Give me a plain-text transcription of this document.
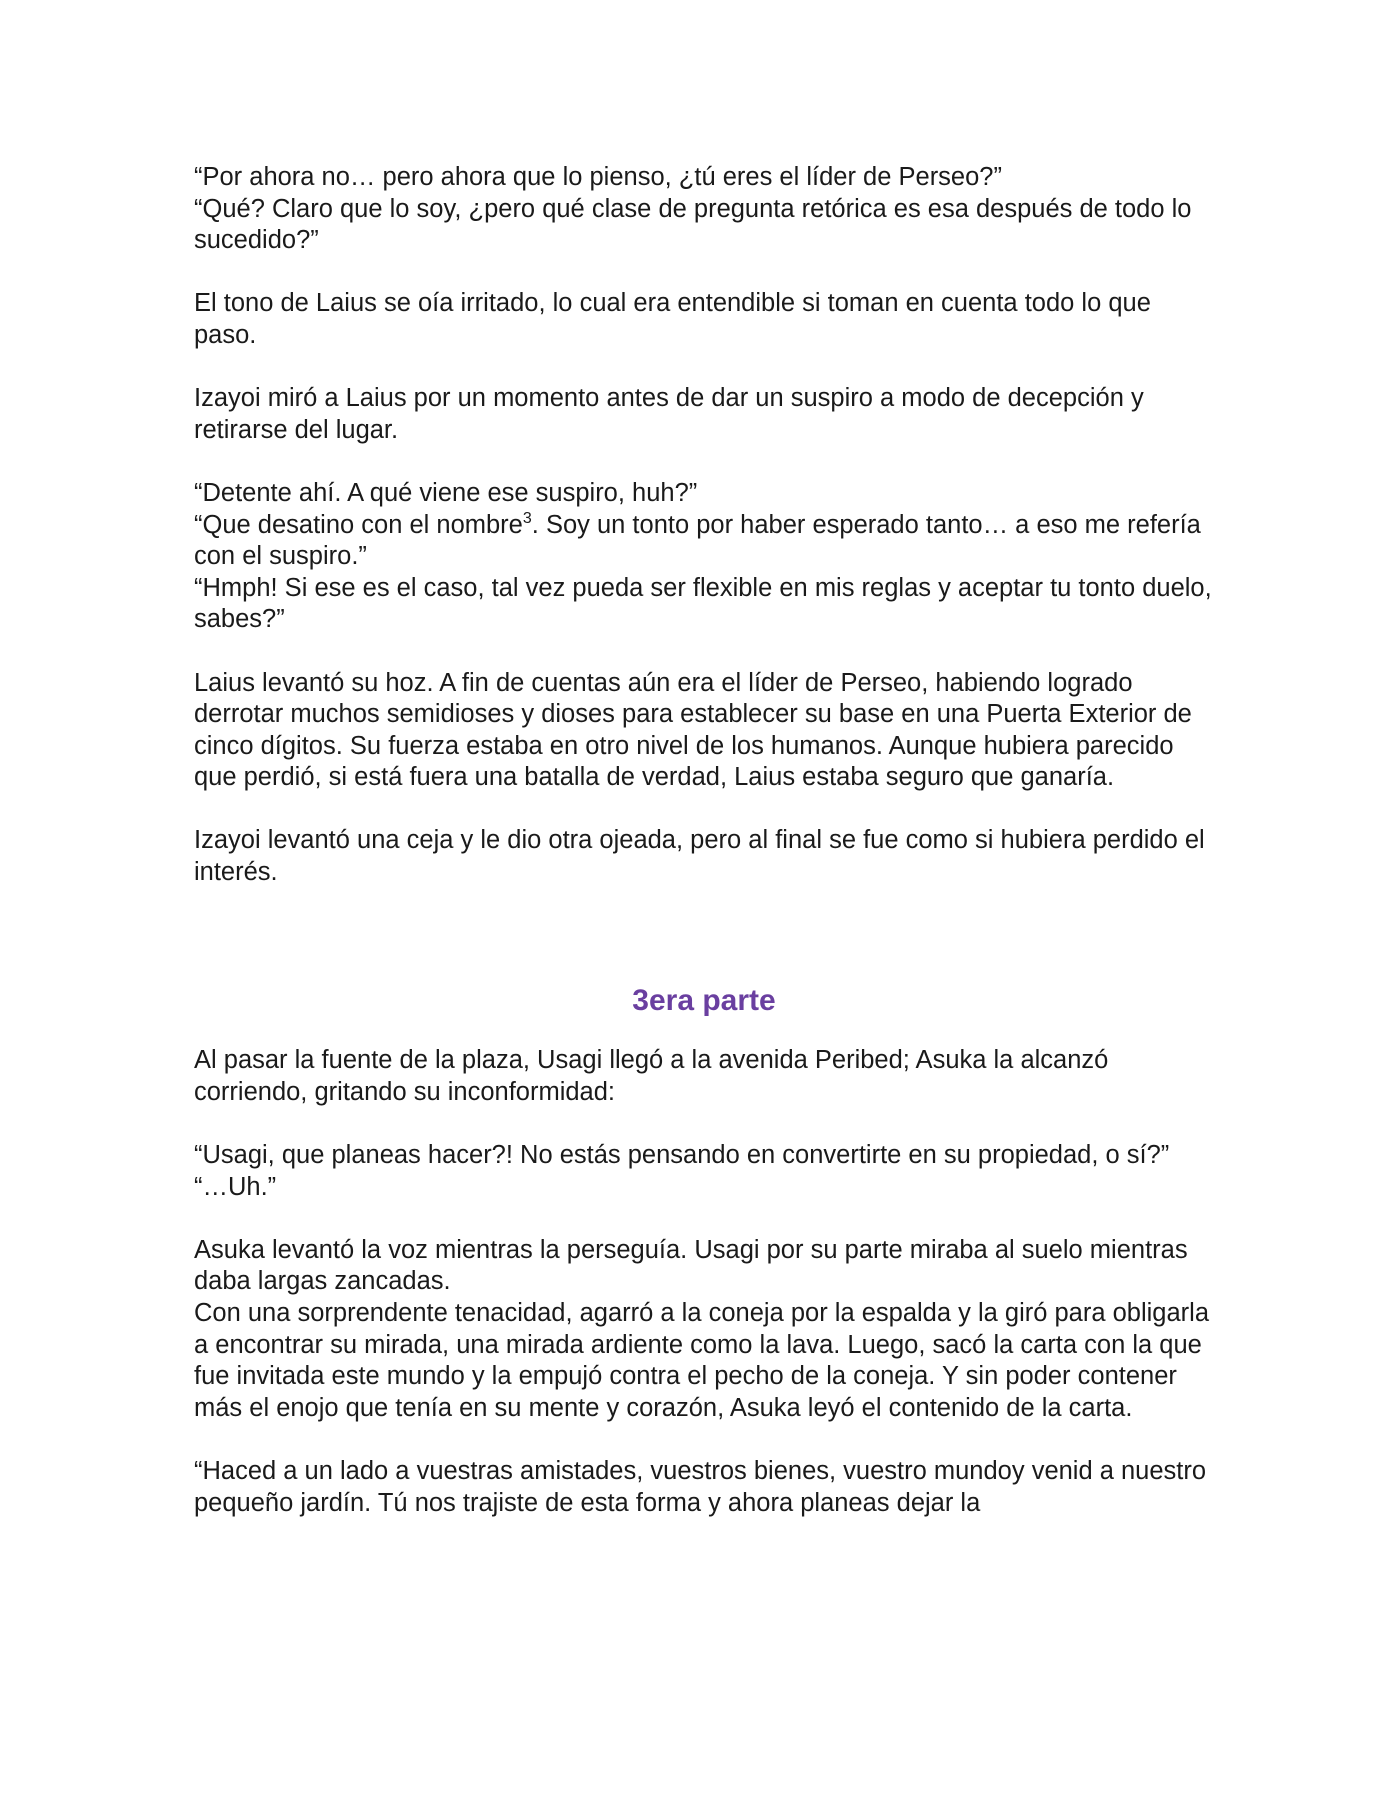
“Por ahora no… pero ahora que lo pienso, ¿tú eres el líder de Perseo?”

“Qué? Claro que lo soy, ¿pero qué clase de pregunta retórica es esa después de todo lo sucedido?”

El tono de Laius se oía irritado, lo cual era entendible si toman en cuenta todo lo que paso.

Izayoi miró a Laius por un momento antes de dar un suspiro a modo de decepción y retirarse del lugar.

“Detente ahí. A qué viene ese suspiro, huh?”

“Que desatino con el nombre$^3$. Soy un tonto por haber esperado tanto… a eso me refería con el suspiro.”

“Hmph! Si ese es el caso, tal vez pueda ser flexible en mis reglas y aceptar tu tonto duelo, sabes?”

Laius levantó su hoz. A fin de cuentas aún era el líder de Perseo, habiendo logrado derrotar muchos semidioses y dioses para establecer su base en una Puerta Exterior de cinco dígitos. Su fuerza estaba en otro nivel de los humanos. Aunque hubiera parecido que perdió, si está fuera una batalla de verdad, Laius estaba seguro que ganaría.

Izayoi levantó una ceja y le dio otra ojeada, pero al final se fue como si hubiera perdido el interés.

3era parte

Al pasar la fuente de la plaza, Usagi llegó a la avenida Peribed; Asuka la alcanzó corriendo, gritando su inconformidad:

“Usagi, que planeas hacer?! No estás pensando en convertirte en su propiedad, o sí?”

“…Uh.”

Asuka levantó la voz mientras la perseguía. Usagi por su parte miraba al suelo mientras daba largas zancadas.

Con una sorprendente tenacidad, agarró a la coneja por la espalda y la giró para obligarla a encontrar su mirada, una mirada ardiente como la lava. Luego, sacó la carta con la que fue invitada este mundo y la empujó contra el pecho de la coneja. Y sin poder contener más el enojo que tenía en su mente y corazón, Asuka leyó el contenido de la carta.

“Haced a un lado a vuestras amistades, vuestros bienes, vuestro mundoy venid a nuestro pequeño jardín. Tú nos trajiste de esta forma y ahora planeas dejar la
